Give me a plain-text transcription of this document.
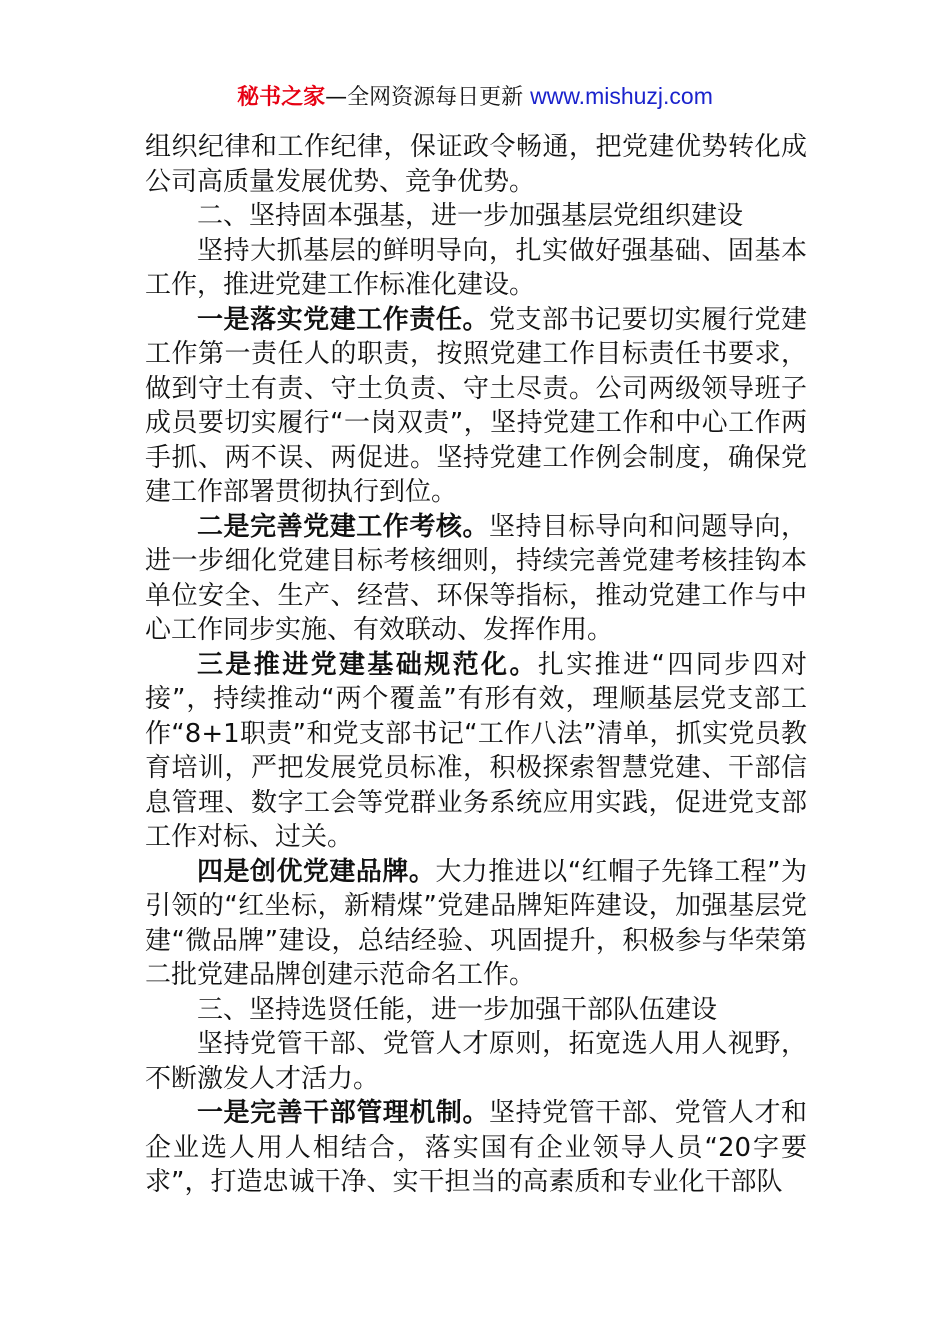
秘书之家—全网资源每日更新 www.mishuzj.com

组织纪律和工作纪律，保证政令畅通，把党建优势转化成公司高质量发展优势、竞争优势。

二、坚持固本强基，进一步加强基层党组织建设

坚持大抓基层的鲜明导向，扎实做好强基础、固基本工作，推进党建工作标准化建设。

一是落实党建工作责任。党支部书记要切实履行党建工作第一责任人的职责，按照党建工作目标责任书要求，做到守土有责、守土负责、守土尽责。公司两级领导班子成员要切实履行“一岗双责”，坚持党建工作和中心工作两手抓、两不误、两促进。坚持党建工作例会制度，确保党建工作部署贯彻执行到位。

二是完善党建工作考核。坚持目标导向和问题导向，进一步细化党建目标考核细则，持续完善党建考核挂钩本单位安全、生产、经营、环保等指标，推动党建工作与中心工作同步实施、有效联动、发挥作用。

三是推进党建基础规范化。扎实推进“四同步四对接”，持续推动“两个覆盖”有形有效，理顺基层党支部工作“8+1职责”和党支部书记“工作八法”清单，抓实党员教育培训，严把发展党员标准，积极探索智慧党建、干部信息管理、数字工会等党群业务系统应用实践，促进党支部工作对标、过关。

四是创优党建品牌。大力推进以“红帽子先锋工程”为引领的“红坐标，新精煤”党建品牌矩阵建设，加强基层党建“微品牌”建设，总结经验、巩固提升，积极参与华荣第二批党建品牌创建示范命名工作。

三、坚持选贤任能，进一步加强干部队伍建设

坚持党管干部、党管人才原则，拓宽选人用人视野，不断激发人才活力。

一是完善干部管理机制。坚持党管干部、党管人才和企业选人用人相结合，落实国有企业领导人员“20字要求”，打造忠诚干净、实干担当的高素质和专业化干部队
